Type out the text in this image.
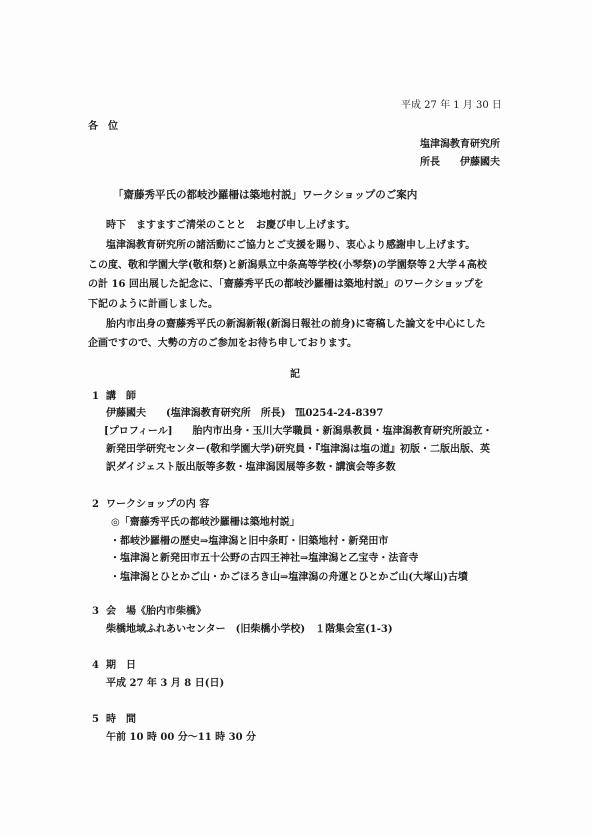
平成 27 年 1 月 30 日
各　位
塩津潟教育研究所
所長　　伊藤國夫
「齋藤秀平氏の都岐沙羅柵は築地村説」ワークショップのご案内
時下　ますますご清栄のことと　お慶び申し上げます。
塩津潟教育研究所の諸活動にご協力とご支援を賜り、衷心より感謝申し上げます。
この度、敬和学園大学(敬和祭)と新潟県立中条高等学校(小琴祭)の学園祭等２大学４高校
の計 16 回出展した記念に、「齋藤秀平氏の都岐沙羅柵は築地村説」のワークショップを
下記のように計画しました。
胎内市出身の齋藤秀平氏の新潟新報(新潟日報社の前身)に寄稿した論文を中心にした
企画ですので、大勢の方のご参加をお待ち申しております。
記
1 講　師
伊藤國夫　　(塩津潟教育研究所　所長)　℡0254-24-8397
[プロフィール]　　胎内市出身・玉川大学職員・新潟県教員・塩津潟教育研究所設立・
新発田学研究センター(敬和学園大学)研究員・『塩津潟は塩の道』初版・二版出版、英
訳ダイジェスト版出版等多数・塩津潟図展等多数・講演会等多数
2 ワークショップの内 容
◎「齋藤秀平氏の都岐沙羅柵は築地村説」
・都岐沙羅柵の歴史⇒塩津潟と旧中条町・旧築地村・新発田市
・塩津潟と新発田市五十公野の古四王神社⇒塩津潟と乙宝寺・法音寺
・塩津潟とひとかご山・かごほろき山⇒塩津潟の舟運とひとかご山(大塚山)古墳
3 会　場《胎内市柴橋》
柴橋地域ふれあいセンター　(旧柴橋小学校)　１階集会室(1-3)
4 期　日
平成 27 年 3 月 8 日(日)
5 時　間
午前 10 時 00 分～11 時 30 分
